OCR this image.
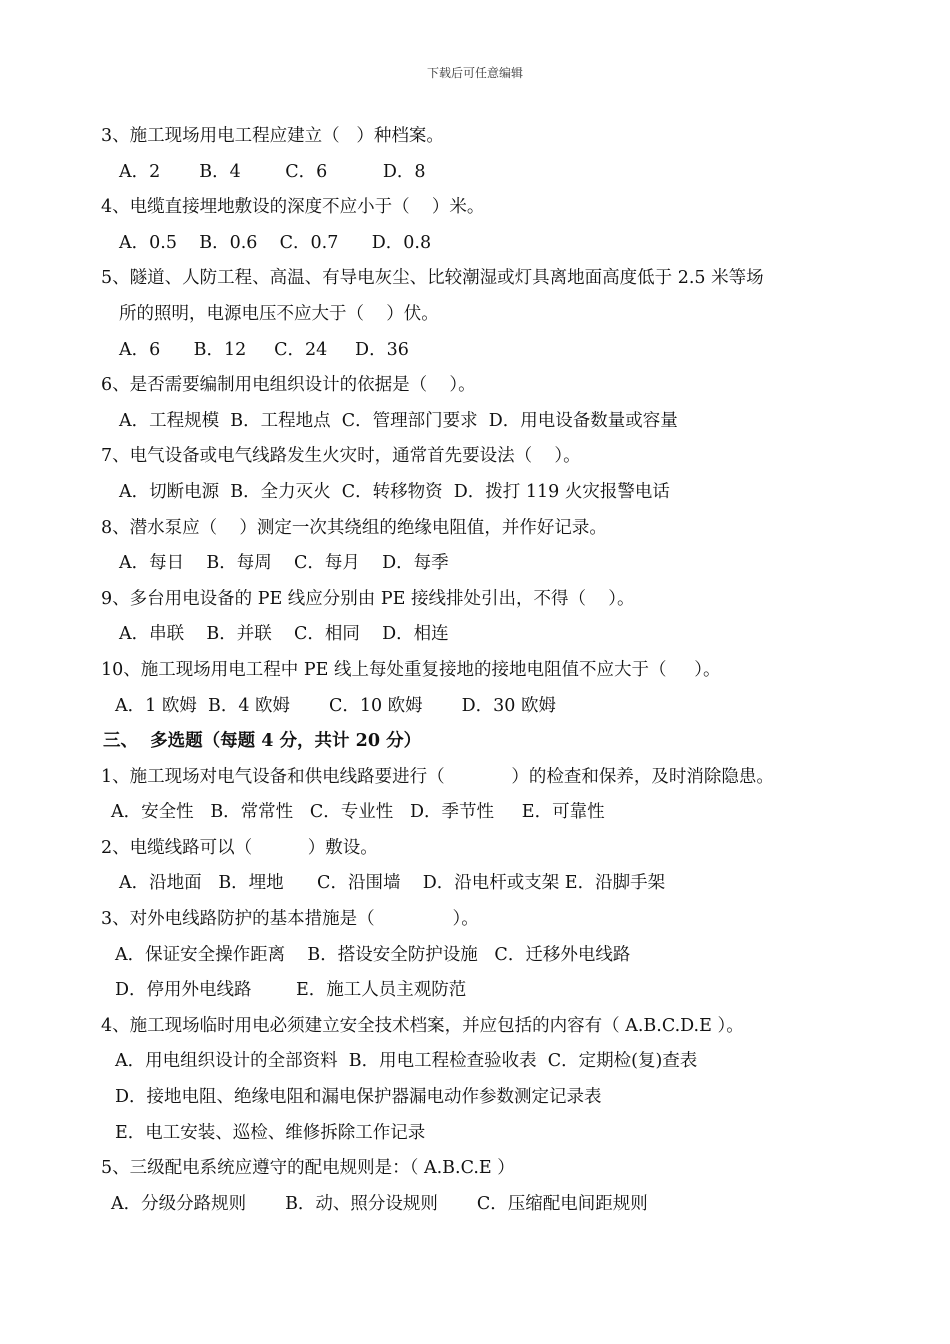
下载后可任意编辑
3、施工现场用电工程应建立（   ）种档案。
A．2       B．4        C．6          D．8
4、电缆直接埋地敷设的深度不应小于（    ）米。
A．0.5    B．0.6    C．0.7      D．0.8
5、隧道、人防工程、高温、有导电灰尘、比较潮湿或灯具离地面高度低于 2.5 米等场
所的照明，电源电压不应大于（    ）伏。
A．6      B．12     C．24     D．36
6、是否需要编制用电组织设计的依据是（    ）。
A．工程规模  B．工程地点  C．管理部门要求  D．用电设备数量或容量
7、电气设备或电气线路发生火灾时，通常首先要设法（    ）。
A．切断电源  B．全力灭火  C．转移物资  D．拨打 119 火灾报警电话
8、潜水泵应（    ）测定一次其绕组的绝缘电阻值，并作好记录。
A．每日    B．每周    C．每月    D．每季
9、多台用电设备的 PE 线应分别由 PE 接线排处引出，不得（    ）。
A．串联    B．并联    C．相同    D．相连
10、施工现场用电工程中 PE 线上每处重复接地的接地电阻值不应大于（     ）。
A．1 欧姆  B．4 欧姆       C．10 欧姆       D．30 欧姆
三、  多选题（每题 4 分，共计 20 分）
1、施工现场对电气设备和供电线路要进行（            ）的检查和保养，及时消除隐患。
A．安全性   B．常常性   C．专业性   D．季节性     E．可靠性
2、电缆线路可以（          ）敷设。
A．沿地面   B．埋地      C．沿围墙    D．沿电杆或支架 E．沿脚手架
3、对外电线路防护的基本措施是（              ）。
A．保证安全操作距离    B．搭设安全防护设施   C．迁移外电线路
D．停用外电线路        E．施工人员主观防范
4、施工现场临时用电必须建立安全技术档案，并应包括的内容有（ A.B.C.D.E ）。
A．用电组织设计的全部资料  B．用电工程检查验收表  C．定期检(复)查表
D．接地电阻、绝缘电阻和漏电保护器漏电动作参数测定记录表
E．电工安装、巡检、维修拆除工作记录
5、三级配电系统应遵守的配电规则是：（ A.B.C.E ）
A．分级分路规则       B．动、照分设规则       C．压缩配电间距规则
